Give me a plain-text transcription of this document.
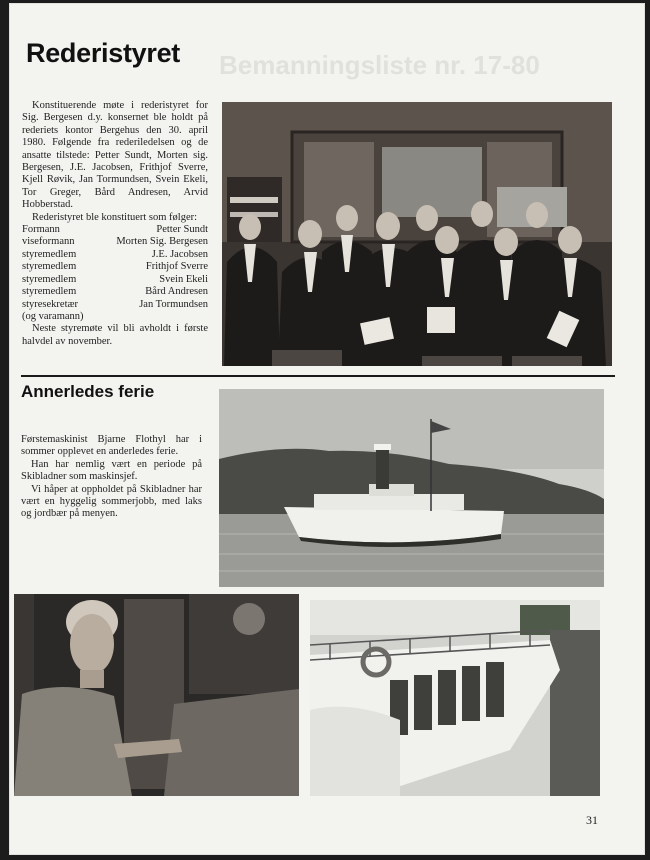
Bemanningsliste nr. 17-80
Rederistyret

Konstituerende møte i rederistyret for Sig. Bergesen d.y. konsernet ble holdt på rederiets kontor Bergehus den 30. april 1980. Følgende fra rederiledelsen og de ansatte tilstede: Petter Sundt, Morten sig. Bergesen, J.E. Jacobsen, Frithjof Sverre, Kjell Røvik, Jan Tormundsen, Svein Ekeli, Tor Greger, Bård Andresen, Arvid Hobberstad.

Rederistyret ble konstituert som følger:

Formann	Petter Sundt
viseformann	Morten Sig. Bergesen
styremedlem	J.E. Jacobsen
styremedlem	Frithjof Sverre
styremedlem	Svein Ekeli
styremedlem	Bård Andresen
styresekretær	Jan Tormundsen
(og varamann)

Neste styremøte vil bli avholdt i første halvdel av november.

Annerledes ferie

Førstemaskinist Bjarne Flothyl har i sommer opplevet en anderledes ferie.

Han har nemlig vært en periode på Skibladner som maskinsjef.

Vi håper at oppholdet på Skibladner har vært en hyggelig sommerjobb, med laks og jordbær på menyen.

31
